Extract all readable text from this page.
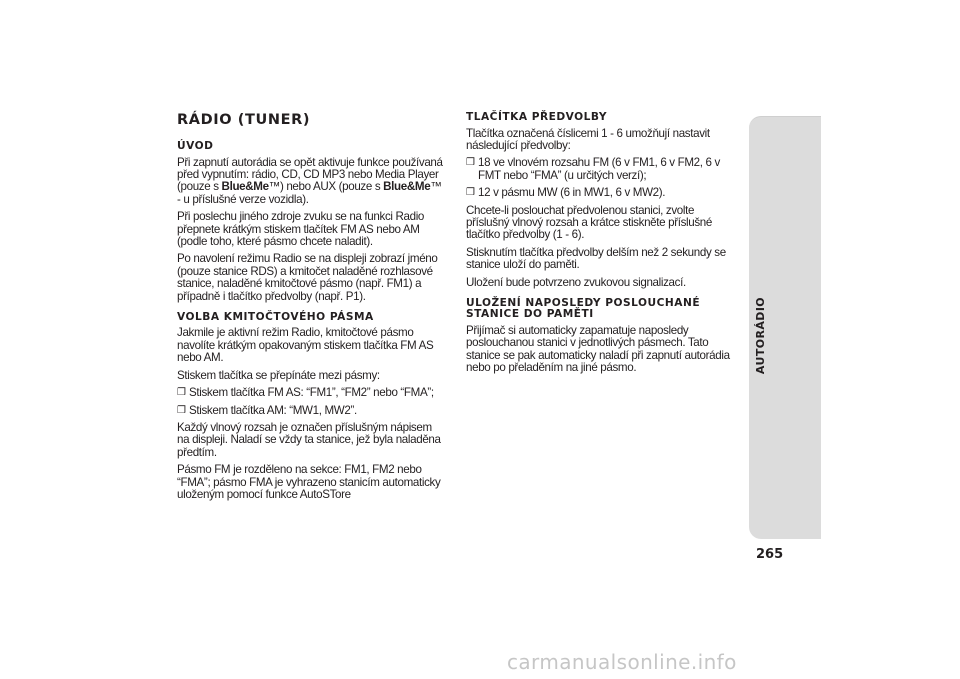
RÁDIO (TUNER)
ÚVOD

Při zapnutí autorádia se opět aktivuje funkce používaná před vypnutím: rádio, CD, CD MP3 nebo Media Player (pouze s Blue&Me™) nebo AUX (pouze s Blue&Me™ - u příslušné verze vozidla).

Při poslechu jiného zdroje zvuku se na funkci Radio přepnete krátkým stiskem tlačítek FM AS nebo AM (podle toho, které pásmo chcete naladit).

Po navolení režimu Radio se na displeji zobrazí jméno (pouze stanice RDS) a kmitočet naladěné rozhlasové stanice, naladěné kmitočtové pásmo (např. FM1) a případně i tlačítko předvolby (např. P1).

VOLBA KMITOČTOVÉHO PÁSMA

Jakmile je aktivní režim Radio, kmitočtové pásmo navolíte krátkým opakovaným stiskem tlačítka FM AS nebo AM.

Stiskem tlačítka se přepínáte mezi pásmy:

❒ Stiskem tlačítka FM AS: “FM1”, “FM2” nebo “FMA”;
❒ Stiskem tlačítka AM: “MW1, MW2”.

Každý vlnový rozsah je označen příslušným nápisem na displeji. Naladí se vždy ta stanice, jež byla naladěna předtím.

Pásmo FM je rozděleno na sekce: FM1, FM2 nebo “FMA”; pásmo FMA je vyhrazeno stanicím automaticky uloženým pomocí funkce AutoSTore

TLAČÍTKA PŘEDVOLBY

Tlačítka označená číslicemi 1 - 6 umožňují nastavit následující předvolby:

❒ 18 ve vlnovém rozsahu FM (6 v FM1, 6 v FM2, 6 v FMT nebo “FMA” (u určitých verzí);
❒ 12 v pásmu MW (6 in MW1, 6 v MW2).

Chcete-li poslouchat předvolenou stanici, zvolte příslušný vlnový rozsah a krátce stiskněte příslušné tlačítko předvolby (1 - 6).

Stisknutím tlačítka předvolby delším než 2 sekundy se stanice uloží do paměti.

Uložení bude potvrzeno zvukovou signalizací.

ULOŽENÍ NAPOSLEDY POSLOUCHANÉ STANICE DO PAMĚTI

Přijímač si automaticky zapamatuje naposledy poslouchanou stanici v jednotlivých pásmech. Tato stanice se pak automaticky naladí při zapnutí autorádia nebo po přeladěním na jiné pásmo.	AUTORÁDIO
265
carmanualsonline.info
